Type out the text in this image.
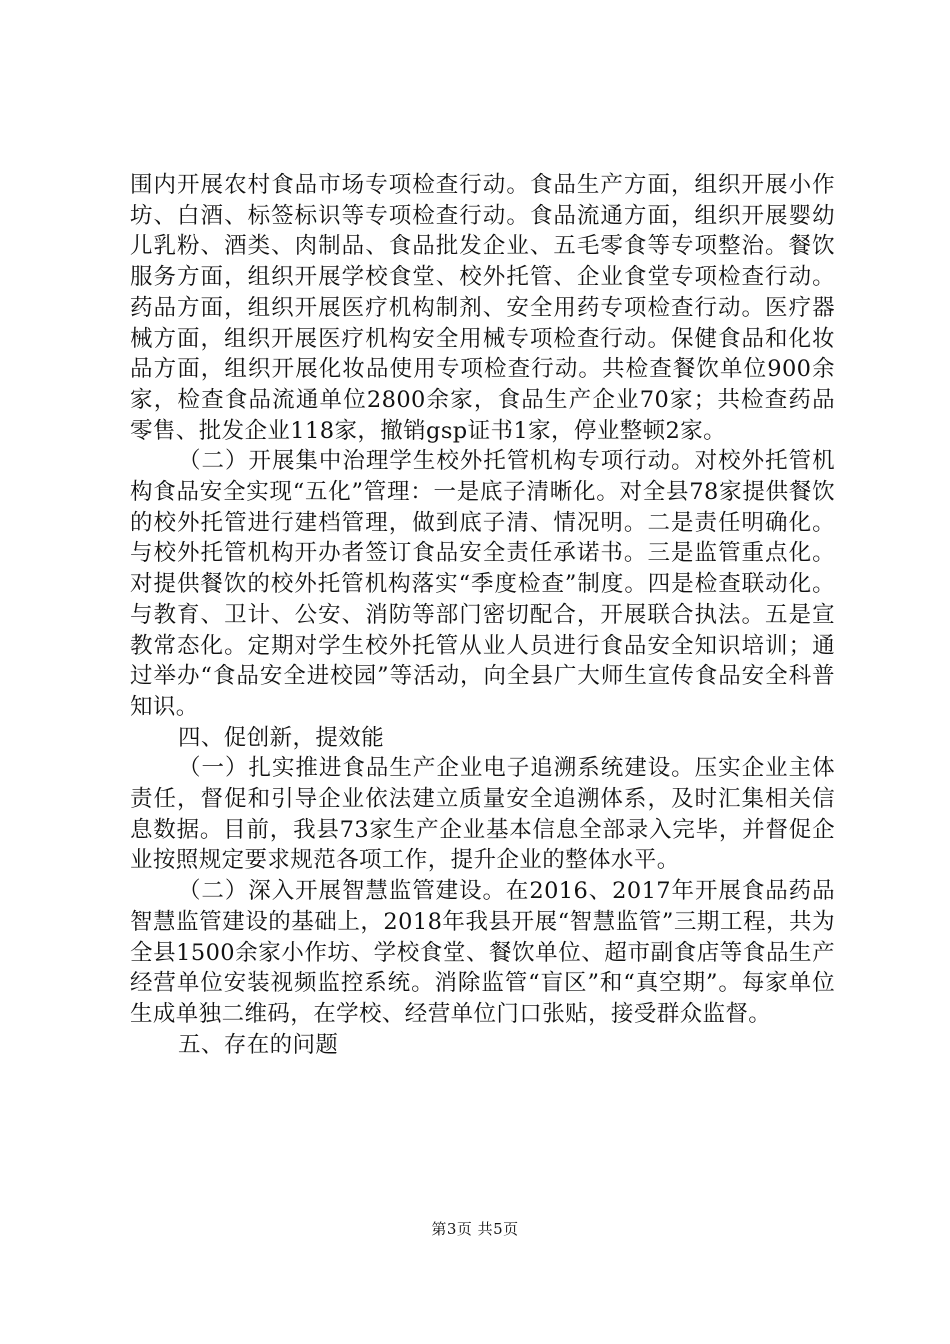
围内开展农村食品市场专项检查行动。食品生产方面，组织开展小作坊、白酒、标签标识等专项检查行动。食品流通方面，组织开展婴幼儿乳粉、酒类、肉制品、食品批发企业、五毛零食等专项整治。餐饮服务方面，组织开展学校食堂、校外托管、企业食堂专项检查行动。药品方面，组织开展医疗机构制剂、安全用药专项检查行动。医疗器械方面，组织开展医疗机构安全用械专项检查行动。保健食品和化妆品方面，组织开展化妆品使用专项检查行动。共检查餐饮单位900余家，检查食品流通单位2800余家，食品生产企业70家；共检查药品零售、批发企业118家，撤销gsp证书1家，停业整顿2家。

（二）开展集中治理学生校外托管机构专项行动。对校外托管机构食品安全实现“五化”管理：一是底子清晰化。对全县78家提供餐饮的校外托管进行建档管理，做到底子清、情况明。二是责任明确化。与校外托管机构开办者签订食品安全责任承诺书。三是监管重点化。对提供餐饮的校外托管机构落实“季度检查”制度。四是检查联动化。与教育、卫计、公安、消防等部门密切配合，开展联合执法。五是宣教常态化。定期对学生校外托管从业人员进行食品安全知识培训；通过举办“食品安全进校园”等活动，向全县广大师生宣传食品安全科普知识。

四、促创新，提效能

（一）扎实推进食品生产企业电子追溯系统建设。压实企业主体责任，督促和引导企业依法建立质量安全追溯体系，及时汇集相关信息数据。目前，我县73家生产企业基本信息全部录入完毕，并督促企业按照规定要求规范各项工作，提升企业的整体水平。

（二）深入开展智慧监管建设。在2016、2017年开展食品药品智慧监管建设的基础上，2018年我县开展“智慧监管”三期工程，共为全县1500余家小作坊、学校食堂、餐饮单位、超市副食店等食品生产经营单位安装视频监控系统。消除监管“盲区”和“真空期”。每家单位生成单独二维码，在学校、经营单位门口张贴，接受群众监督。

五、存在的问题

第3页 共5页
